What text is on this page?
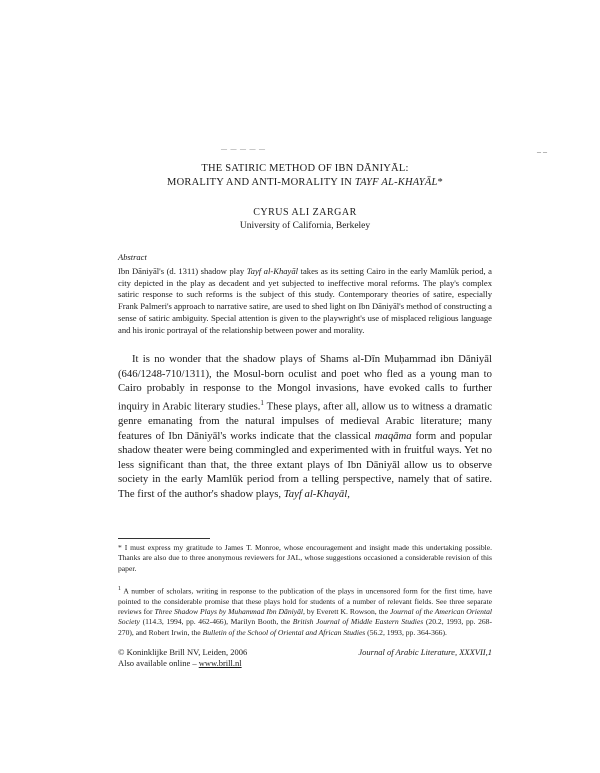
— — — — —	– –
THE SATIRIC METHOD OF IBN DĀNIYĀL:
MORALITY AND ANTI-MORALITY IN TAYF AL-KHAYĀL*
CYRUS ALI ZARGAR
University of California, Berkeley
Abstract
Ibn Dāniyāl's (d. 1311) shadow play Tayf al-Khayāl takes as its setting Cairo in the early Mamlūk period, a city depicted in the play as decadent and yet subjected to ineffective moral reforms. The play's complex satiric response to such reforms is the subject of this study. Contemporary theories of satire, especially Frank Palmeri's approach to narrative satire, are used to shed light on Ibn Dāniyāl's method of constructing a sense of satiric ambiguity. Special attention is given to the playwright's use of misplaced religious language and his ironic portrayal of the relationship between power and morality.

It is no wonder that the shadow plays of Shams al-Dīn Muḥammad ibn Dāniyāl (646/1248-710/1311), the Mosul-born oculist and poet who fled as a young man to Cairo probably in response to the Mongol invasions, have evoked calls to further inquiry in Arabic literary studies.$^1$ These plays, after all, allow us to witness a dramatic genre emanating from the natural impulses of medieval Arabic literature; many features of Ibn Dāniyāl's works indicate that the classical maqāma form and popular shadow theater were being commingled and experimented with in fruitful ways. Yet no less significant than that, the three extant plays of Ibn Dāniyāl allow us to observe society in the early Mamlūk period from a telling perspective, namely that of satire. The first of the author's shadow plays, Tayf al-Khayāl,

* I must express my gratitude to James T. Monroe, whose encouragement and insight made this undertaking possible. Thanks are also due to three anonymous reviewers for JAL, whose suggestions occasioned a considerable revision of this paper.

$^1$ A number of scholars, writing in response to the publication of the plays in uncensored form for the first time, have pointed to the considerable promise that these plays hold for students of a number of relevant fields. See three separate reviews for Three Shadow Plays by Muhammad Ibn Dāniyāl, by Everett K. Rowson, the Journal of the American Oriental Society (114.3, 1994, pp. 462-466), Marilyn Booth, the British Journal of Middle Eastern Studies (20.2, 1993, pp. 268-270), and Robert Irwin, the Bulletin of the School of Oriental and African Studies (56.2, 1993, pp. 364-366).

© Koninklijke Brill NV, Leiden, 2006
Also available online – www.brill.nl
Journal of Arabic Literature, XXXVII,1
